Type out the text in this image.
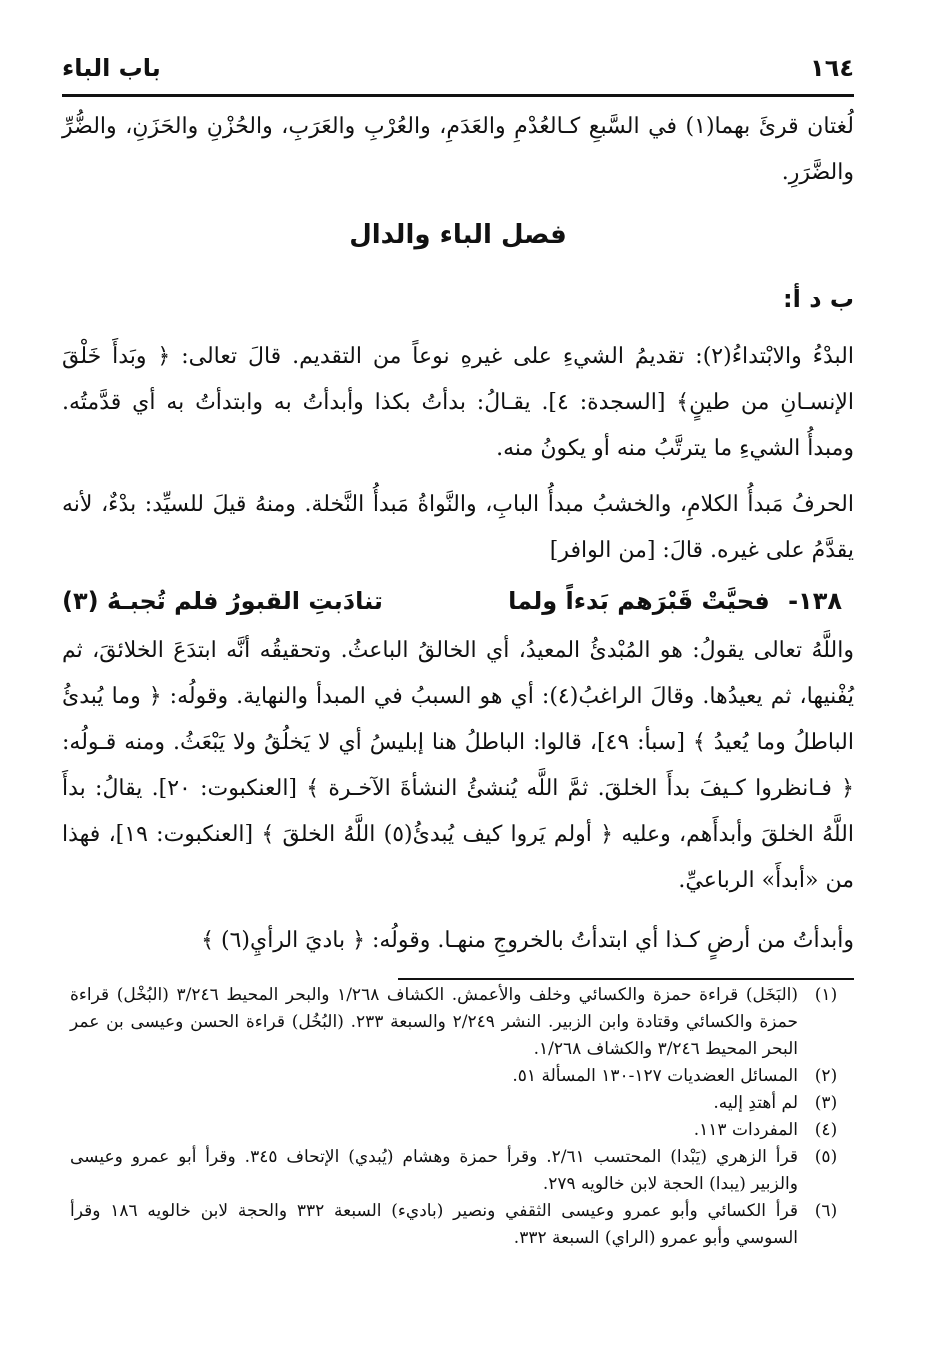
١٦٤
باب الباء

لُغتان قرئَ بهما(١) في السَّبعِ كـالعُدْمِ والعَدَمِ، والعُرْبِ والعَرَبِ، والحُزْنِ والحَزَنِ، والضُّرِّ والضَّرَرِ.

فصل الباء والدال
ب د أ:

البدْءُ والابْتداءُ(٢): تقديمُ الشيءِ على غيرهِ نوعاً من التقديم. قالَ تعالى: ﴿ وبَدأَ خَلْقَ الإنسـانِ من طينٍ﴾ [السجدة: ٤]. يقـالُ: بدأتُ بكذا وأبدأتُ به وابتدأتُ به أي قدَّمتُه. ومبدأُ الشيءِ ما يترتَّبُ منه أو يكونُ منه.

الحرفُ مَبدأُ الكلامِ، والخشبُ مبدأُ البابِ، والنَّواةُ مَبدأُ النَّخلة. ومنهُ قيلَ للسيِّد: بدْءٌ، لأنه يقدَّمُ على غيره. قالَ: [من الوافر]

١٣٨- فحيَّتْ قَبْرَهم بَدءاً ولما
تنادَبتِ القبورُ فلم تُجبـهُ (٣)

واللَّهُ تعالى يقولُ: هو المُبْدئُ المعيدُ، أي الخالقُ الباعثُ. وتحقيقُه أنَّه ابتدَعَ الخلائقَ، ثم يُفْنيها، ثم يعيدُها. وقالَ الراغبُ(٤): أي هو السببُ في المبدأ والنهاية. وقولُه: ﴿ وما يُبدئُ الباطلُ وما يُعيدُ ﴾ [سبأ: ٤٩]، قالوا: الباطلُ هنا إبليسُ أي لا يَخلُقُ ولا يَبْعَثُ. ومنه قـولُه: ﴿ فـانظروا كـيفَ بدأَ الخلقَ. ثمَّ اللَّه يُنشئُ النشأةَ الآخـرة ﴾ [العنكبوت: ٢٠]. يقالُ: بدأَ اللَّهُ الخلقَ وأبدأَهم، وعليه ﴿ أولم يَروا كيف يُبدئُ(٥) اللَّهُ الخلقَ ﴾ [العنكبوت: ١٩]، فهذا من «أبدأَ» الرباعيِّ.

وأبدأتُ من أرضٍ كـذا أي ابتدأتُ بالخروجِ منهـا. وقولُه: ﴿ باديَ الرأيِ(٦) ﴾

(١)
(البَخَل) قراءة حمزة والكسائي وخلف والأعمش. الكشاف ١/٢٦٨ والبحر المحيط ٣/٢٤٦ (البُخْل) قراءة حمزة والكسائي وقتادة وابن الزبير. النشر ٢/٢٤٩ والسبعة ٢٣٣. (البُخُل) قراءة الحسن وعيسى بن عمر البحر المحيط ٣/٢٤٦ والكشاف ١/٢٦٨.
(٢)
المسائل العضديات ١٢٧-١٣٠ المسألة ٥١.
(٣)
لم أهتدِ إليه.
(٤)
المفردات ١١٣.
(٥)
قرأ الزهري (يَبْدا) المحتسب ٢/٦١. وقرأ حمزة وهشام (يُبدي) الإتحاف ٣٤٥. وقرأ أبو عمرو وعيسى والزبير (يبدا) الحجة لابن خالويه ٢٧٩.
(٦)
قرأ الكسائي وأبو عمرو وعيسى الثقفي ونصير (باديء) السبعة ٣٣٢ والحجة لابن خالويه ١٨٦ وقرأ السوسي وأبو عمرو (الراي) السبعة ٣٣٢.
